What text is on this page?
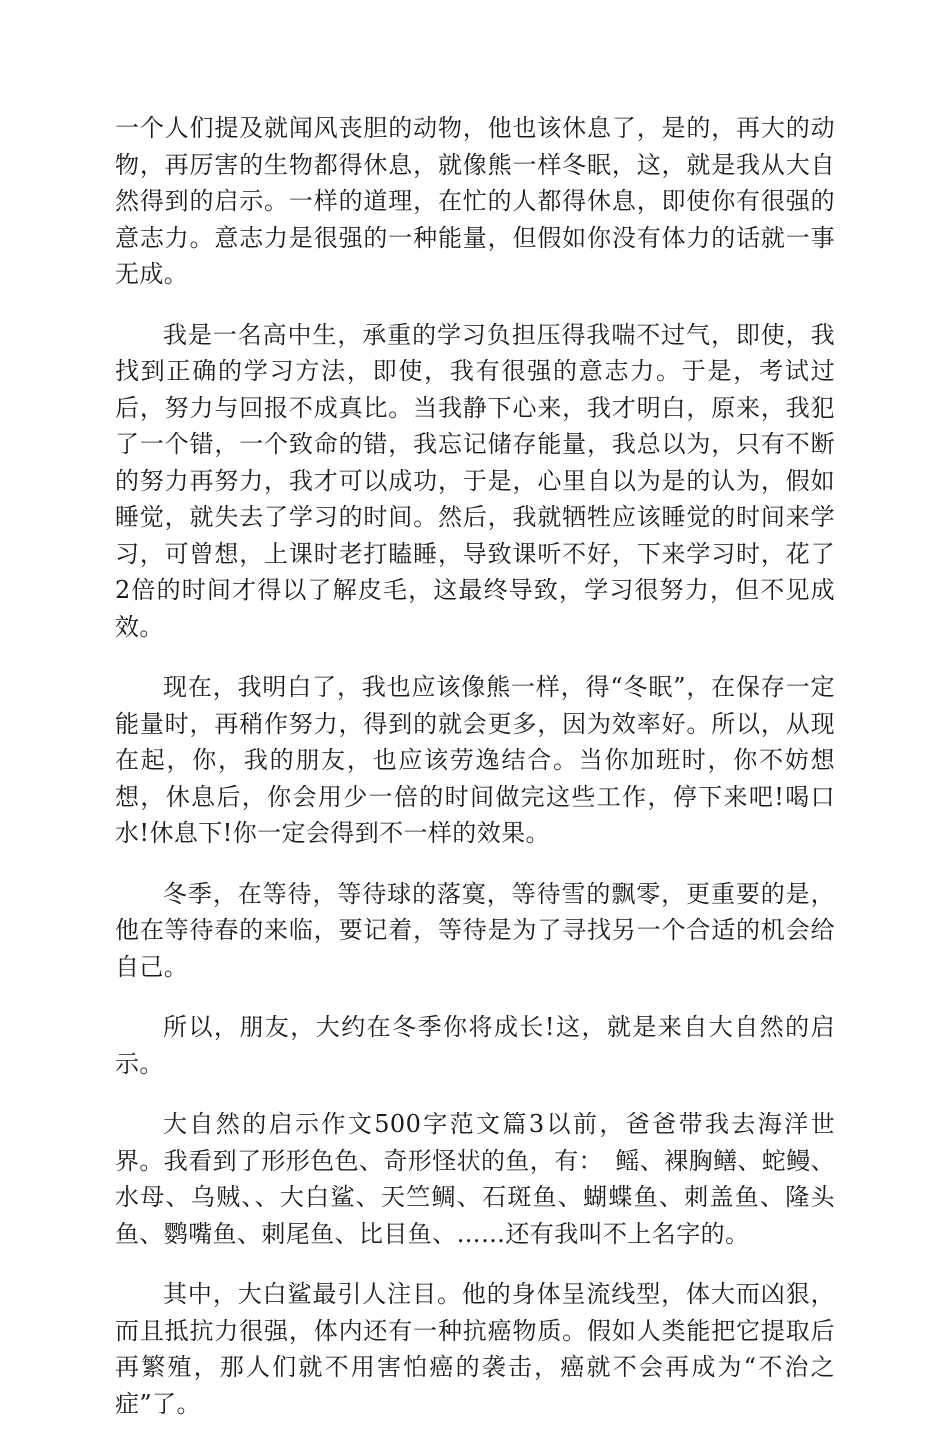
一个人们提及就闻风丧胆的动物，他也该休息了，是的，再大的动物，再厉害的生物都得休息，就像熊一样冬眠，这，就是我从大自然得到的启示。一样的道理，在忙的人都得休息，即使你有很强的意志力。意志力是很强的一种能量，但假如你没有体力的话就一事无成。

我是一名高中生，承重的学习负担压得我喘不过气，即使，我找到正确的学习方法，即使，我有很强的意志力。于是，考试过后，努力与回报不成真比。当我静下心来，我才明白，原来，我犯了一个错，一个致命的错，我忘记储存能量，我总以为，只有不断的努力再努力，我才可以成功，于是，心里自以为是的认为，假如睡觉，就失去了学习的时间。然后，我就牺牲应该睡觉的时间来学习，可曾想，上课时老打瞌睡，导致课听不好，下来学习时，花了2倍的时间才得以了解皮毛，这最终导致，学习很努力，但不见成效。

现在，我明白了，我也应该像熊一样，得“冬眠”，在保存一定能量时，再稍作努力，得到的就会更多，因为效率好。所以，从现在起，你，我的朋友，也应该劳逸结合。当你加班时，你不妨想想，休息后，你会用少一倍的时间做完这些工作，停下来吧!喝口水!休息下!你一定会得到不一样的效果。

冬季，在等待，等待球的落寞，等待雪的飘零，更重要的是，他在等待春的来临，要记着，等待是为了寻找另一个合适的机会给自己。

所以，朋友，大约在冬季你将成长!这，就是来自大自然的启示。

大自然的启示作文500字范文篇3以前，爸爸带我去海洋世界。我看到了形形色色、奇形怪状的鱼，有：　鳐、裸胸鳝、蛇鳗、水母、乌贼、、大白鲨、天竺鲷、石斑鱼、蝴蝶鱼、刺盖鱼、隆头鱼、鹦嘴鱼、刺尾鱼、比目鱼、……还有我叫不上名字的。

其中，大白鲨最引人注目。他的身体呈流线型，体大而凶狠，而且抵抗力很强，体内还有一种抗癌物质。假如人类能把它提取后再繁殖，那人们就不用害怕癌的袭击，癌就不会再成为“不治之症”了。
